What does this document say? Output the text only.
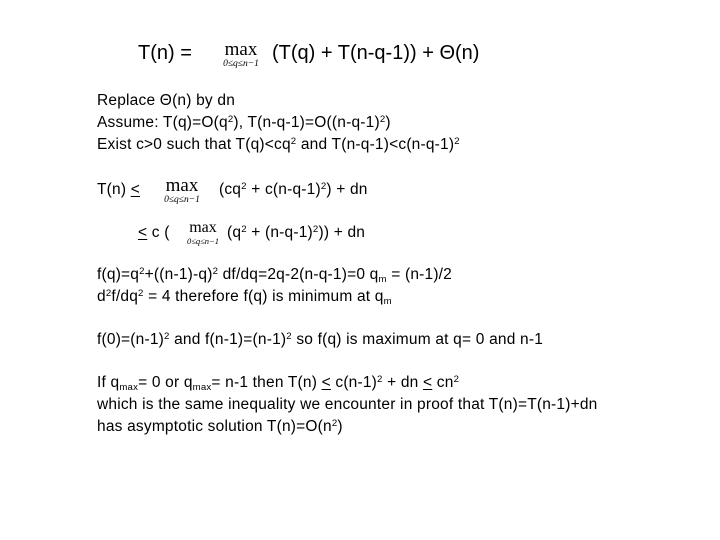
T(n) =	max
0≤q≤n−1 (T(q) + T(n-q-1)) + Θ(n)
Replace Θ(n) by dn
Assume: $T(q)=O(q^2)$, $T(n-q-1)=O((n-q-1)^2)$
Exist c>0 such that $T(q)<cq^2$ and $T(n-q-1)<c(n-q-1)^2$
T(n) <	max
0≤q≤n−1
$(cq^2 + c(n-q-1)^2)$ + dn
< c (	max
0≤q≤n−1 $(q^2 + (n-q-1)^2)$) + dn
$f(q)=q^2+((n-1)-q)^2$ df/dq=2q-2(n-q-1)=0 $q_m = (n-1)/2$
$d^2f/dq^2 = 4$ therefore f(q) is minimum at $q_m$
$f(0)=(n-1)^2$ and $f(n-1)=(n-1)^2$ so f(q) is maximum at q= 0 and n-1
If $q_{max}= 0$ or $q_{max}= n-1$ then $T(n) < c(n-1)^2$ + dn < $cn^2$
which is the same inequality we encounter in proof that T(n)=T(n-1)+dn
has asymptotic solution $T(n)=O(n^2)$
